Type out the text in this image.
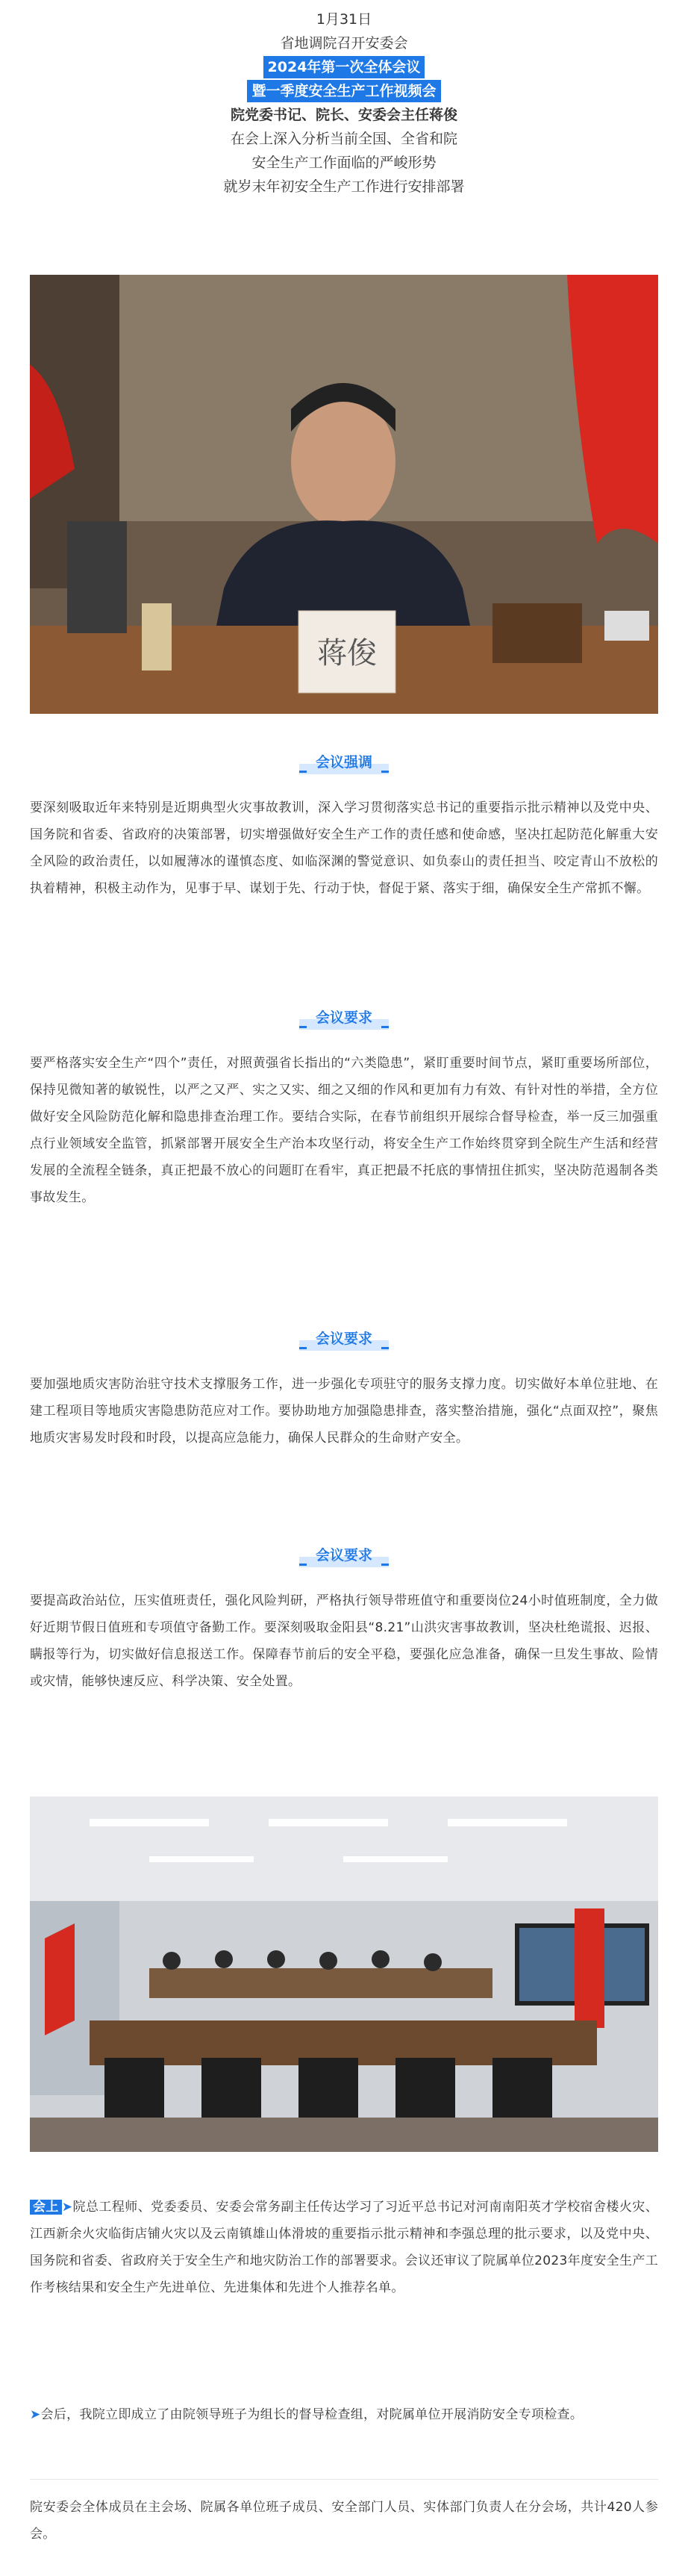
1月31日
省地调院召开安委会
2024年第一次全体会议
暨一季度安全生产工作视频会
院党委书记、院长、安委会主任蒋俊
在会上深入分析当前全国、全省和院
安全生产工作面临的严峻形势
就岁末年初安全生产工作进行安排部署
蒋俊
会议强调
要深刻吸取近年来特别是近期典型火灾事故教训，深入学习贯彻落实总书记的重要指示批示精神以及党中央、国务院和省委、省政府的决策部署，切实增强做好安全生产工作的责任感和使命感，坚决扛起防范化解重大安全风险的政治责任，以如履薄冰的谨慎态度、如临深渊的警觉意识、如负泰山的责任担当、咬定青山不放松的执着精神，积极主动作为，见事于早、谋划于先、行动于快，督促于紧、落实于细，确保安全生产常抓不懈。
会议要求
要严格落实安全生产“四个”责任，对照黄强省长指出的“六类隐患”，紧盯重要时间节点，紧盯重要场所部位，保持见微知著的敏锐性，以严之又严、实之又实、细之又细的作风和更加有力有效、有针对性的举措，全方位做好安全风险防范化解和隐患排查治理工作。要结合实际，在春节前组织开展综合督导检查，举一反三加强重点行业领域安全监管，抓紧部署开展安全生产治本攻坚行动，将安全生产工作始终贯穿到全院生产生活和经营发展的全流程全链条，真正把最不放心的问题盯在看牢，真正把最不托底的事情扭住抓实，坚决防范遏制各类事故发生。
会议要求
要加强地质灾害防治驻守技术支撑服务工作，进一步强化专项驻守的服务支撑力度。切实做好本单位驻地、在建工程项目等地质灾害隐患防范应对工作。要协助地方加强隐患排查，落实整治措施，强化“点面双控”，聚焦地质灾害易发时段和时段，以提高应急能力，确保人民群众的生命财产安全。
会议要求
要提高政治站位，压实值班责任，强化风险判研，严格执行领导带班值守和重要岗位24小时值班制度，全力做好近期节假日值班和专项值守备勤工作。要深刻吸取金阳县“8.21”山洪灾害事故教训，坚决杜绝谎报、迟报、瞒报等行为，切实做好信息报送工作。保障春节前后的安全平稳，要强化应急准备，确保一旦发生事故、险情或灾情，能够快速反应、科学决策、安全处置。
会上 ➤院总工程师、党委委员、安委会常务副主任传达学习了习近平总书记对河南南阳英才学校宿舍楼火灾、江西新余火灾临街店铺火灾以及云南镇雄山体滑坡的重要指示批示精神和李强总理的批示要求，以及党中央、国务院和省委、省政府关于安全生产和地灾防治工作的部署要求。会议还审议了院属单位2023年度安全生产工作考核结果和安全生产先进单位、先进集体和先进个人推荐名单。
➤会后，我院立即成立了由院领导班子为组长的督导检查组，对院属单位开展消防安全专项检查。
院安委会全体成员在主会场、院属各单位班子成员、安全部门人员、实体部门负责人在分会场，共计420人参会。
